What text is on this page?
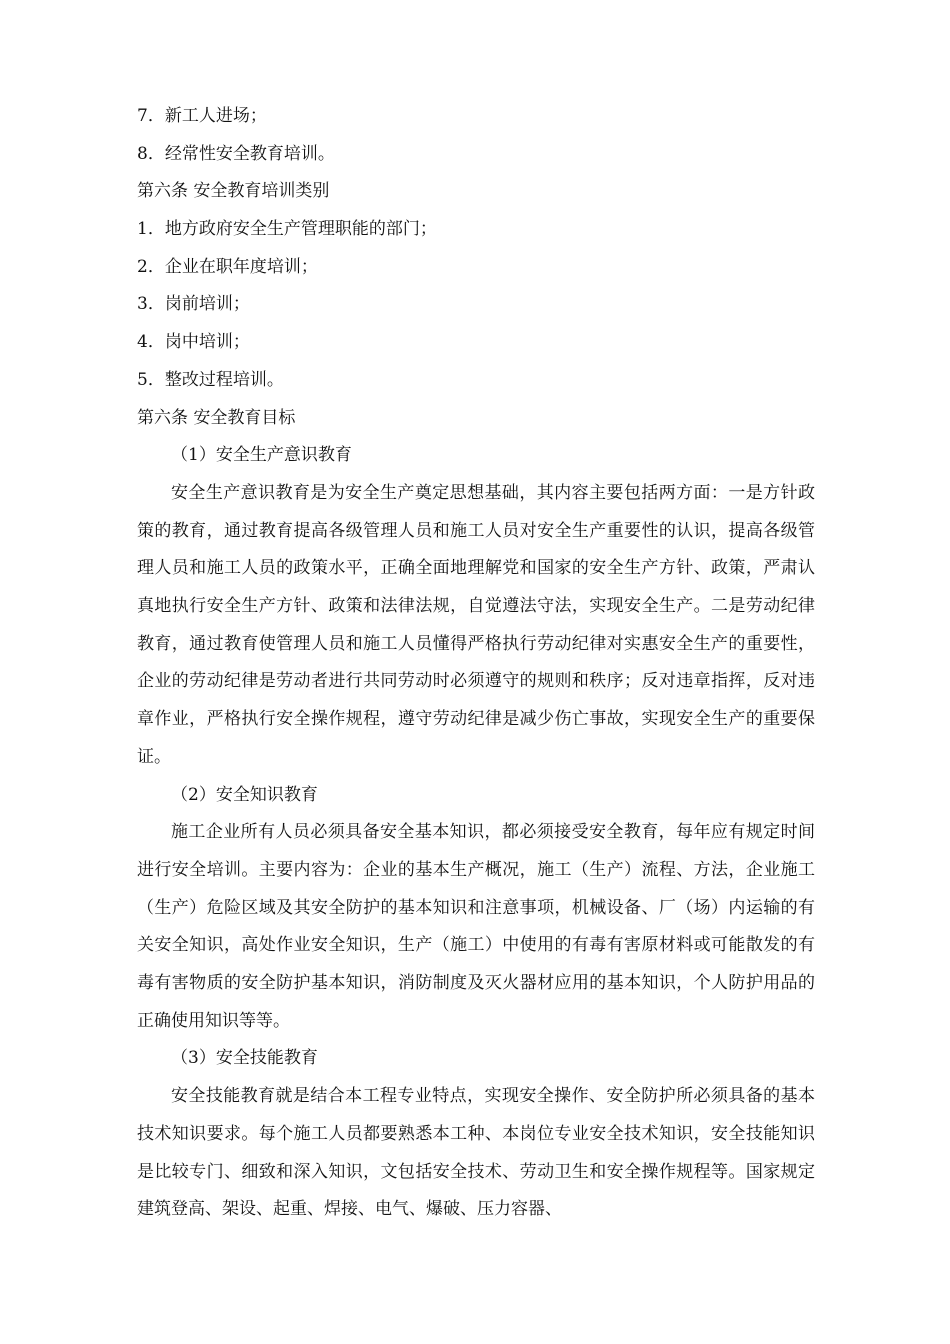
7．新工人进场；
8．经常性安全教育培训。
第六条 安全教育培训类别
1．地方政府安全生产管理职能的部门；
2．企业在职年度培训；
3．岗前培训；
4．岗中培训；
5．整改过程培训。
第六条 安全教育目标
（1）安全生产意识教育

安全生产意识教育是为安全生产奠定思想基础，其内容主要包括两方面：一是方针政策的教育，通过教育提高各级管理人员和施工人员对安全生产重要性的认识，提高各级管理人员和施工人员的政策水平，正确全面地理解党和国家的安全生产方针、政策，严肃认真地执行安全生产方针、政策和法律法规，自觉遵法守法，实现安全生产。二是劳动纪律教育，通过教育使管理人员和施工人员懂得严格执行劳动纪律对实惠安全生产的重要性，企业的劳动纪律是劳动者进行共同劳动时必须遵守的规则和秩序；反对违章指挥，反对违章作业，严格执行安全操作规程，遵守劳动纪律是减少伤亡事故，实现安全生产的重要保证。

（2）安全知识教育

施工企业所有人员必须具备安全基本知识，都必须接受安全教育，每年应有规定时间进行安全培训。主要内容为：企业的基本生产概况，施工（生产）流程、方法，企业施工（生产）危险区域及其安全防护的基本知识和注意事项，机械设备、厂（场）内运输的有关安全知识，高处作业安全知识，生产（施工）中使用的有毒有害原材料或可能散发的有毒有害物质的安全防护基本知识，消防制度及灭火器材应用的基本知识，个人防护用品的正确使用知识等等。

（3）安全技能教育

安全技能教育就是结合本工程专业特点，实现安全操作、安全防护所必须具备的基本技术知识要求。每个施工人员都要熟悉本工种、本岗位专业安全技术知识，安全技能知识是比较专门、细致和深入知识，文包括安全技术、劳动卫生和安全操作规程等。国家规定建筑登高、架设、起重、焊接、电气、爆破、压力容器、
